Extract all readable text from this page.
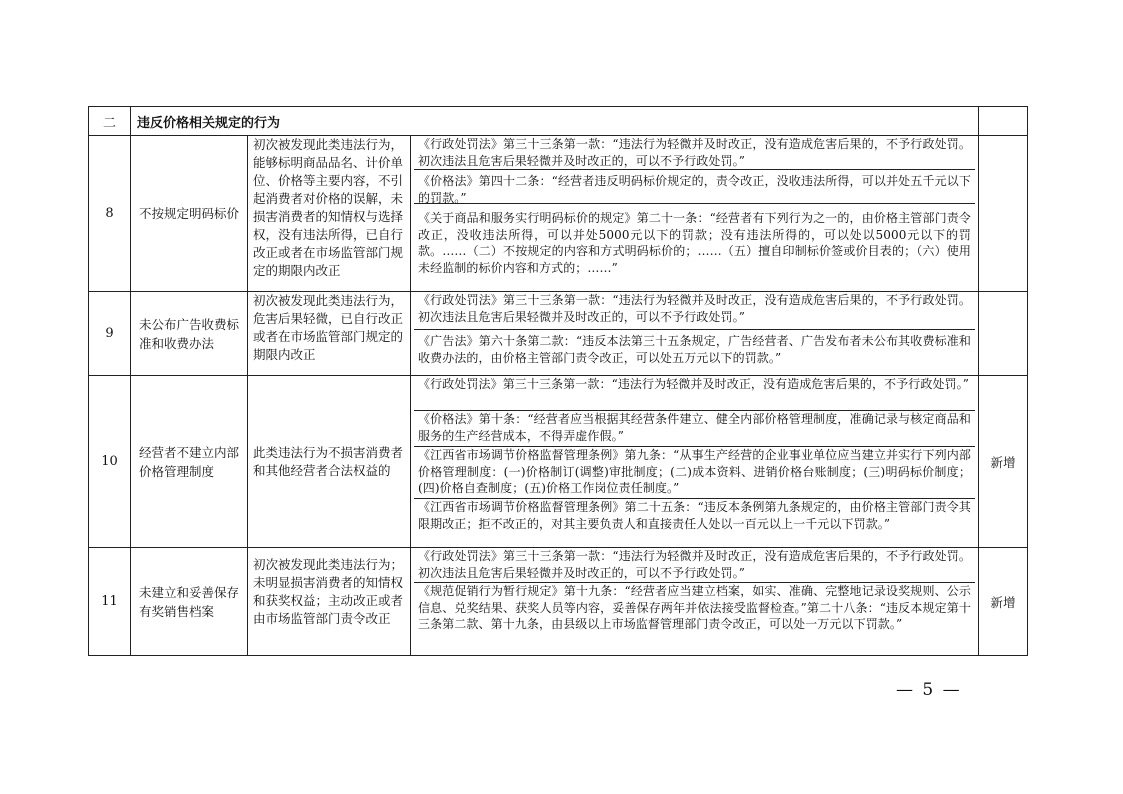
二	违反价格相关规定的行为			
8	不按规定明码标价	初次被发现此类违法行为，能够标明商品品名、计价单位、价格等主要内容，不引起消费者对价格的误解，未损害消费者的知情权与选择权，没有违法所得，已自行改正或者在市场监管部门规定的期限内改正	《行政处罚法》第三十三条第一款：“违法行为轻微并及时改正，没有造成危害后果的，不予行政处罚。初次违法且危害后果轻微并及时改正的，可以不予行政处罚。”
《价格法》第四十二条：“经营者违反明码标价规定的，责令改正，没收违法所得，可以并处五千元以下的罚款。”
《关于商品和服务实行明码标价的规定》第二十一条：“经营者有下列行为之一的，由价格主管部门责令改正，没收违法所得，可以并处5000元以下的罚款；没有违法所得的，可以处以5000元以下的罚款。……（二）不按规定的内容和方式明码标价的；……（五）擅自印制标价签或价目表的；（六）使用未经监制的标价内容和方式的；……”	

9	未公布广告收费标准和收费办法	初次被发现此类违法行为，危害后果轻微，已自行改正或者在市场监管部门规定的期限内改正	《行政处罚法》第三十三条第一款：“违法行为轻微并及时改正，没有造成危害后果的，不予行政处罚。初次违法且危害后果轻微并及时改正的，可以不予行政处罚。”
《广告法》第六十条第二款：“违反本法第三十五条规定，广告经营者、广告发布者未公布其收费标准和收费办法的，由价格主管部门责令改正，可以处五万元以下的罚款。”	

10	经营者不建立内部价格管理制度	此类违法行为不损害消费者和其他经营者合法权益的	《行政处罚法》第三十三条第一款：“违法行为轻微并及时改正，没有造成危害后果的，不予行政处罚。”
《价格法》第十条：“经营者应当根据其经营条件建立、健全内部价格管理制度，准确记录与核定商品和服务的生产经营成本，不得弄虚作假。”
《江西省市场调节价格监督管理条例》第九条：“从事生产经营的企业事业单位应当建立并实行下列内部价格管理制度：(一)价格制订(调整)审批制度；(二)成本资料、进销价格台账制度；(三)明码标价制度；(四)价格自查制度；(五)价格工作岗位责任制度。”
《江西省市场调节价格监督管理条例》第二十五条：“违反本条例第九条规定的，由价格主管部门责令其限期改正；拒不改正的，对其主要负责人和直接责任人处以一百元以上一千元以下罚款。”	新增
11	未建立和妥善保存有奖销售档案	初次被发现此类违法行为；未明显损害消费者的知情权和获奖权益；主动改正或者由市场监管部门责令改正	《行政处罚法》第三十三条第一款：“违法行为轻微并及时改正，没有造成危害后果的，不予行政处罚。初次违法且危害后果轻微并及时改正的，可以不予行政处罚。”
《规范促销行为暂行规定》第十九条：“经营者应当建立档案，如实、准确、完整地记录设奖规则、公示信息、兑奖结果、获奖人员等内容，妥善保存两年并依法接受监督检查。”第二十八条：“违反本规定第十三条第二款、第十九条，由县级以上市场监督管理部门责令改正，可以处一万元以下罚款。”	新增
— 5 —
